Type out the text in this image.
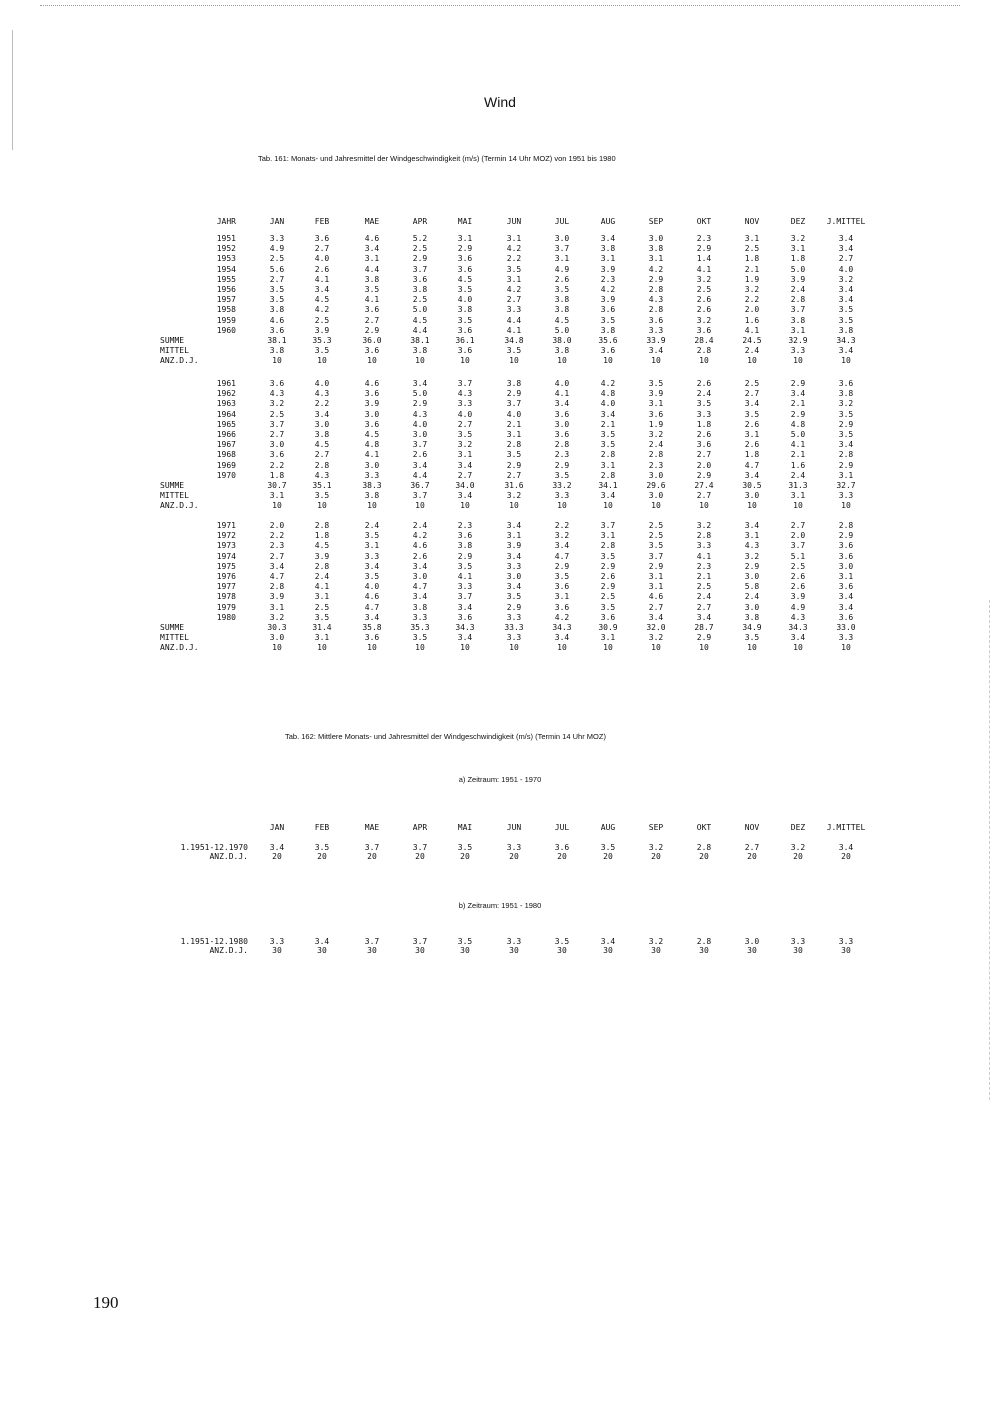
Wind
Tab. 161: Monats- und Jahresmittel der Windgeschwindigkeit (m/s) (Termin 14 Uhr MOZ) von 1951 bis 1980
JAHR	JAN	FEB	MAE	APR	MAI	JUN	JUL	AUG	SEP	OKT	NOV	DEZ	J.MITTEL
1951	3.3	3.6	4.6	5.2	3.1	3.1	3.0	3.4	3.0	2.3	3.1	3.2	3.4
1952	4.9	2.7	3.4	2.5	2.9	4.2	3.7	3.8	3.8	2.9	2.5	3.1	3.4
1953	2.5	4.0	3.1	2.9	3.6	2.2	3.1	3.1	3.1	1.4	1.8	1.8	2.7
1954	5.6	2.6	4.4	3.7	3.6	3.5	4.9	3.9	4.2	4.1	2.1	5.0	4.0
1955	2.7	4.1	3.8	3.6	4.5	3.1	2.6	2.3	2.9	3.2	1.9	3.9	3.2
1956	3.5	3.4	3.5	3.8	3.5	4.2	3.5	4.2	2.8	2.5	3.2	2.4	3.4
1957	3.5	4.5	4.1	2.5	4.0	2.7	3.8	3.9	4.3	2.6	2.2	2.8	3.4
1958	3.8	4.2	3.6	5.0	3.8	3.3	3.8	3.6	2.8	2.6	2.0	3.7	3.5
1959	4.6	2.5	2.7	4.5	3.5	4.4	4.5	3.5	3.6	3.2	1.6	3.8	3.5
1960	3.6	3.9	2.9	4.4	3.6	4.1	5.0	3.8	3.3	3.6	4.1	3.1	3.8
SUMME	38.1	35.3	36.0	38.1	36.1	34.8	38.0	35.6	33.9	28.4	24.5	32.9	34.3
MITTEL	3.8	3.5	3.6	3.8	3.6	3.5	3.8	3.6	3.4	2.8	2.4	3.3	3.4
ANZ.D.J.	10	10	10	10	10	10	10	10	10	10	10	10	10
1961	3.6	4.0	4.6	3.4	3.7	3.8	4.0	4.2	3.5	2.6	2.5	2.9	3.6
1962	4.3	4.3	3.6	5.0	4.3	2.9	4.1	4.8	3.9	2.4	2.7	3.4	3.8
1963	3.2	2.2	3.9	2.9	3.3	3.7	3.4	4.0	3.1	3.5	3.4	2.1	3.2
1964	2.5	3.4	3.0	4.3	4.0	4.0	3.6	3.4	3.6	3.3	3.5	2.9	3.5
1965	3.7	3.0	3.6	4.0	2.7	2.1	3.0	2.1	1.9	1.8	2.6	4.8	2.9
1966	2.7	3.8	4.5	3.0	3.5	3.1	3.6	3.5	3.2	2.6	3.1	5.0	3.5
1967	3.0	4.5	4.8	3.7	3.2	2.8	2.8	3.5	2.4	3.6	2.6	4.1	3.4
1968	3.6	2.7	4.1	2.6	3.1	3.5	2.3	2.8	2.8	2.7	1.8	2.1	2.8
1969	2.2	2.8	3.0	3.4	3.4	2.9	2.9	3.1	2.3	2.0	4.7	1.6	2.9
1970	1.8	4.3	3.3	4.4	2.7	2.7	3.5	2.8	3.0	2.9	3.4	2.4	3.1
SUMME	30.7	35.1	38.3	36.7	34.0	31.6	33.2	34.1	29.6	27.4	30.5	31.3	32.7
MITTEL	3.1	3.5	3.8	3.7	3.4	3.2	3.3	3.4	3.0	2.7	3.0	3.1	3.3
ANZ.D.J.	10	10	10	10	10	10	10	10	10	10	10	10	10
1971	2.0	2.8	2.4	2.4	2.3	3.4	2.2	3.7	2.5	3.2	3.4	2.7	2.8
1972	2.2	1.8	3.5	4.2	3.6	3.1	3.2	3.1	2.5	2.8	3.1	2.0	2.9
1973	2.3	4.5	3.1	4.6	3.8	3.9	3.4	2.8	3.5	3.3	4.3	3.7	3.6
1974	2.7	3.9	3.3	2.6	2.9	3.4	4.7	3.5	3.7	4.1	3.2	5.1	3.6
1975	3.4	2.8	3.4	3.4	3.5	3.3	2.9	2.9	2.9	2.3	2.9	2.5	3.0
1976	4.7	2.4	3.5	3.0	4.1	3.0	3.5	2.6	3.1	2.1	3.0	2.6	3.1
1977	2.8	4.1	4.0	4.7	3.3	3.4	3.6	2.9	3.1	2.5	5.8	2.6	3.6
1978	3.9	3.1	4.6	3.4	3.7	3.5	3.1	2.5	4.6	2.4	2.4	3.9	3.4
1979	3.1	2.5	4.7	3.8	3.4	2.9	3.6	3.5	2.7	2.7	3.0	4.9	3.4
1980	3.2	3.5	3.4	3.3	3.6	3.3	4.2	3.6	3.4	3.4	3.8	4.3	3.6
SUMME	30.3	31.4	35.8	35.3	34.3	33.3	34.3	30.9	32.0	28.7	34.9	34.3	33.0
MITTEL	3.0	3.1	3.6	3.5	3.4	3.3	3.4	3.1	3.2	2.9	3.5	3.4	3.3
ANZ.D.J.	10	10	10	10	10	10	10	10	10	10	10	10	10
Tab. 162: Mittlere Monats- und Jahresmittel der Windgeschwindigkeit (m/s) (Termin 14 Uhr MOZ)
a) Zeitraum: 1951 - 1970
b) Zeitraum: 1951 - 1980
JAN	FEB	MAE	APR	MAI	JUN	JUL	AUG	SEP	OKT	NOV	DEZ	J.MITTEL
1.1951-12.1970	3.4	3.5	3.7	3.7	3.5	3.3	3.6	3.5	3.2	2.8	2.7	3.2	3.4
ANZ.D.J.	20	20	20	20	20	20	20	20	20	20	20	20	20
1.1951-12.1980	3.3	3.4	3.7	3.7	3.5	3.3	3.5	3.4	3.2	2.8	3.0	3.3	3.3
ANZ.D.J.	30	30	30	30	30	30	30	30	30	30	30	30	30
190
